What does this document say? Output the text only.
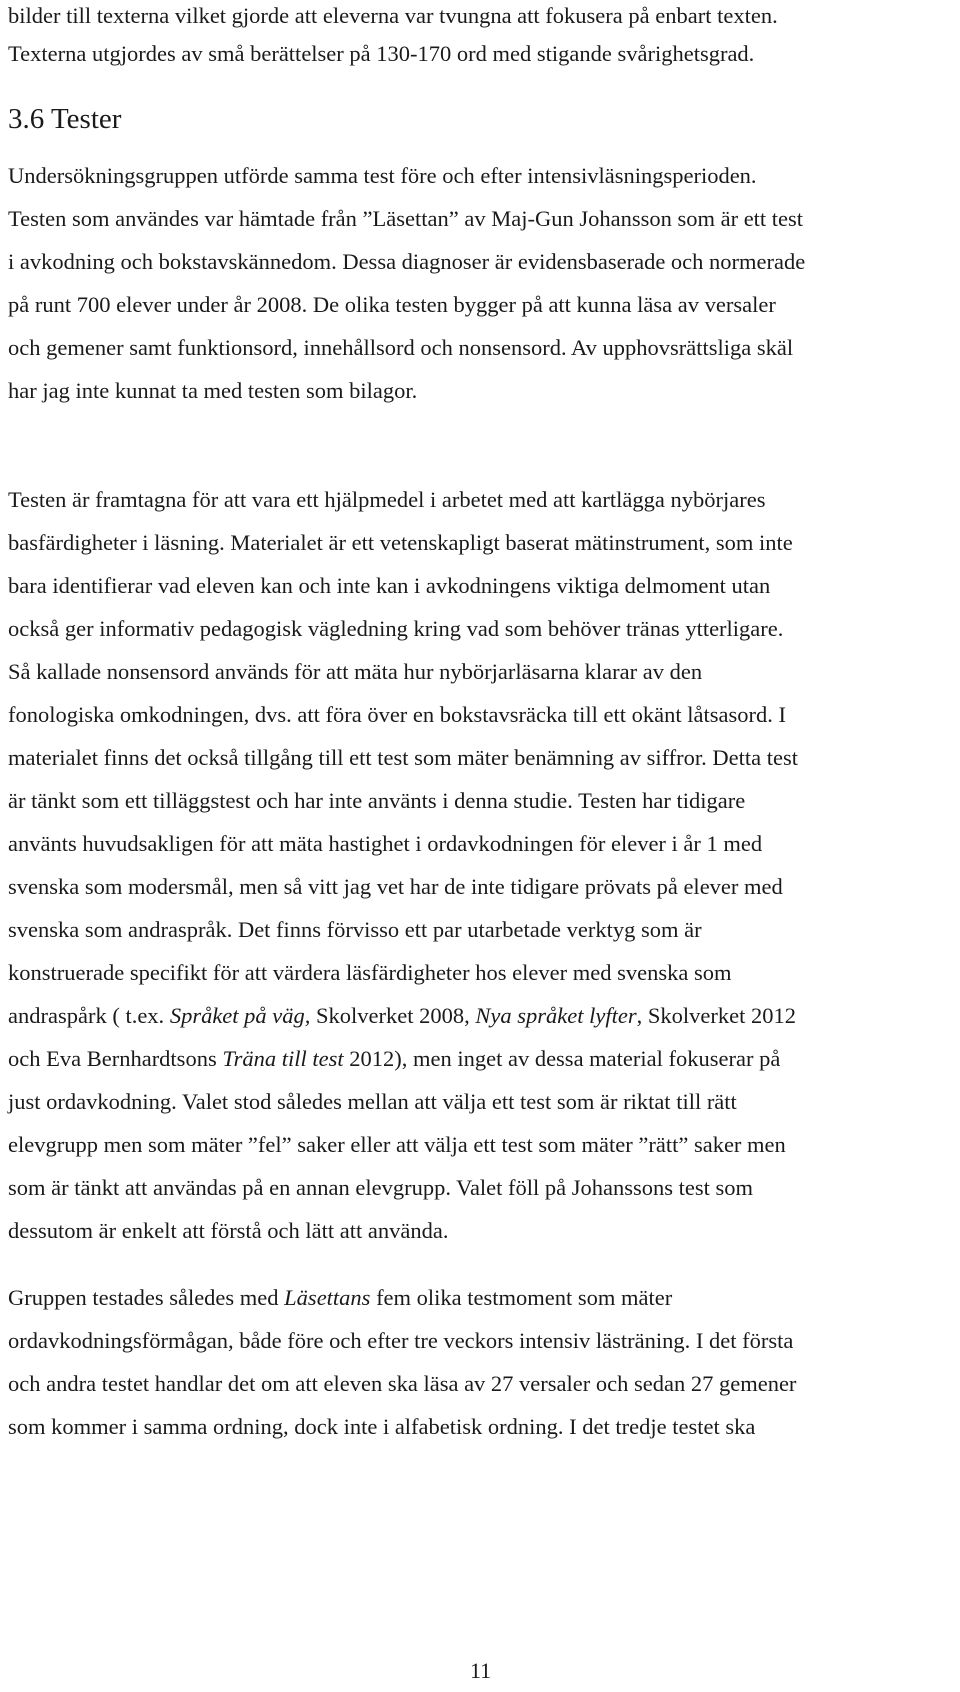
bilder till texterna vilket gjorde att eleverna var tvungna att fokusera på enbart texten.
Texterna utgjordes av små berättelser på 130-170 ord med stigande svårighetsgrad.
3.6 Tester
Undersökningsgruppen utförde samma test före och efter intensivläsningsperioden.
Testen som användes var hämtade från ”Läsettan” av Maj-Gun Johansson som är ett test
i avkodning och bokstavskännedom. Dessa diagnoser är evidensbaserade och normerade
på runt 700 elever under år 2008. De olika testen bygger på att kunna läsa av versaler
och gemener samt funktionsord, innehållsord och nonsensord. Av upphovsrättsliga skäl
har jag inte kunnat ta med testen som bilagor.
Testen är framtagna för att vara ett hjälpmedel i arbetet med att kartlägga nybörjares
basfärdigheter i läsning. Materialet är ett vetenskapligt baserat mätinstrument, som inte
bara identifierar vad eleven kan och inte kan i avkodningens viktiga delmoment utan
också ger informativ pedagogisk vägledning kring vad som behöver tränas ytterligare.
Så kallade nonsensord används för att mäta hur nybörjarläsarna klarar av den
fonologiska omkodningen, dvs. att föra över en bokstavsräcka till ett okänt låtsasord. I
materialet finns det också tillgång till ett test som mäter benämning av siffror. Detta test
är tänkt som ett tilläggstest och har inte använts i denna studie. Testen har tidigare
använts huvudsakligen för att mäta hastighet i ordavkodningen för elever i år 1 med
svenska som modersmål, men så vitt jag vet har de inte tidigare prövats på elever med
svenska som andraspråk. Det finns förvisso ett par utarbetade verktyg som är
konstruerade specifikt för att värdera läsfärdigheter hos elever med svenska som
andraspårk ( t.ex. Språket på väg, Skolverket 2008, Nya språket lyfter, Skolverket 2012
och Eva Bernhardtsons Träna till test 2012), men inget av dessa material fokuserar på
just ordavkodning. Valet stod således mellan att välja ett test som är riktat till rätt
elevgrupp men som mäter ”fel” saker eller att välja ett test som mäter ”rätt” saker men
som är tänkt att användas på en annan elevgrupp. Valet föll på Johanssons test som
dessutom är enkelt att förstå och lätt att använda.
Gruppen testades således med Läsettans fem olika testmoment som mäter
ordavkodningsförmågan, både före och efter tre veckors intensiv lästräning. I det första
och andra testet handlar det om att eleven ska läsa av 27 versaler och sedan 27 gemener
som kommer i samma ordning, dock inte i alfabetisk ordning. I det tredje testet ska
11
